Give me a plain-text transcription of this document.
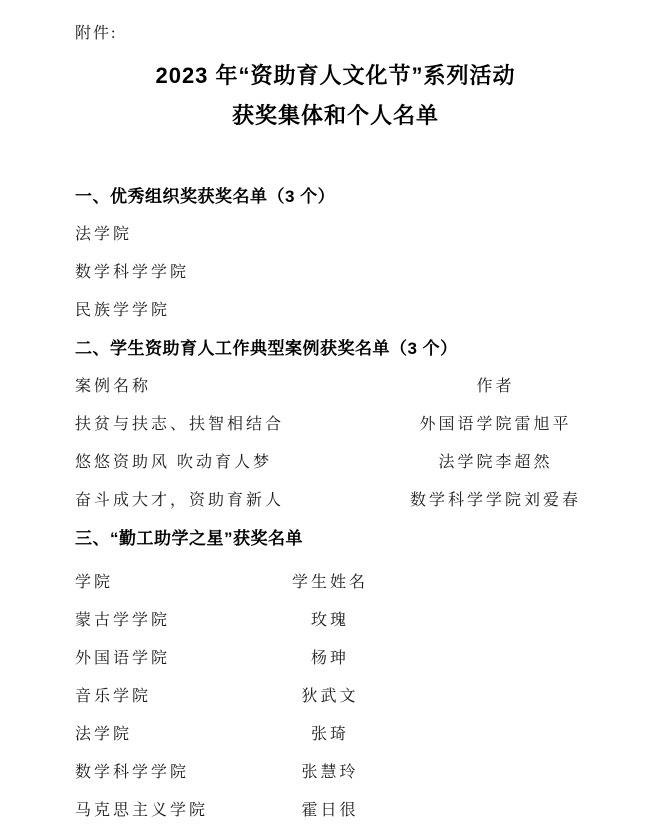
附件:
2023 年“资助育人文化节”系列活动
获奖集体和个人名单
一、优秀组织奖获奖名单（3 个）
法学院
数学科学学院
民族学学院
二、学生资助育人工作典型案例获奖名单（3 个）
案例名称	作者
扶贫与扶志、扶智相结合	外国语学院雷旭平
悠悠资助风 吹动育人梦	法学院李超然
奋斗成大才，资助育新人	数学科学学院刘爱春
三、“勤工助学之星”获奖名单
学院	学生姓名
蒙古学学院	玫瑰
外国语学院	杨珅
音乐学院	狄武文
法学院	张琦
数学科学学院	张慧玲
马克思主义学院	霍日很
